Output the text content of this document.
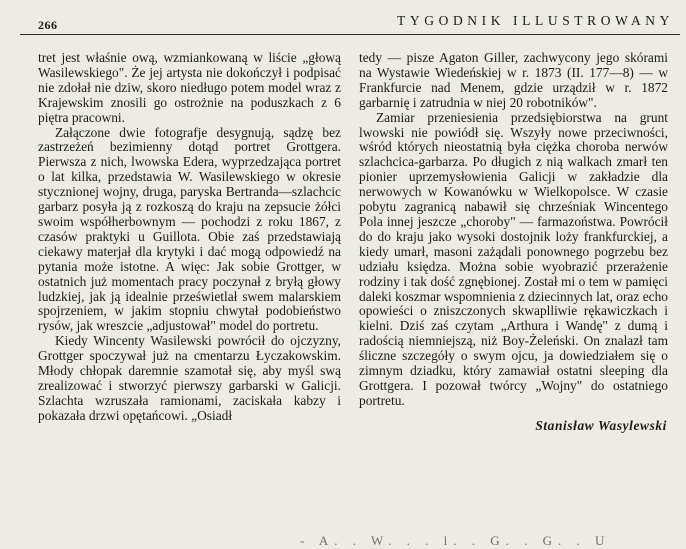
266	TYGODNIK ILLUSTROWANY

tret jest właśnie ową, wzmiankowaną w liście „głową Wasilewskiego". Że jej artysta nie dokończył i podpisać nie zdołał nie dziw, skoro niedługo potem model wraz z Krajewskim znosili go ostrożnie na poduszkach z 6 piętra pracowni.

Załączone dwie fotografje desygnują, sądzę bez zastrzeżeń bezimienny dotąd portret Grottgera. Pierwsza z nich, lwowska Edera, wyprzedzająca portret o lat kilka, przedstawia W. Wasilewskiego w okresie stycznionej wojny, druga, paryska Bertranda—szlachcic garbarz posyła ją z rozkoszą do kraju na zepsucie żółci swoim współherbownym — pochodzi z roku 1867, z czasów praktyki u Guillota. Obie zaś przedstawiają ciekawy materjał dla krytyki i dać mogą odpowiedź na pytania może istotne. A więc: Jak sobie Grottger, w ostatnich już momentach pracy poczynał z bryłą głowy ludzkiej, jak ją idealnie prześwietlał swem malarskiem spojrzeniem, w jakim stopniu chwytał podobieństwo rysów, jak wreszcie „adjustował" model do portretu.

Kiedy Wincenty Wasilewski powrócił do ojczyzny, Grottger spoczywał już na cmentarzu Łyczakowskim. Młody chłopak daremnie szamotał się, aby myśl swą zrealizować i stworzyć pierwszy garbarski w Galicji. Szlachta wzruszała ramionami, zaciskała kabzy i pokazała drzwi opętańcowi. „Osiadł

tedy — pisze Agaton Giller, zachwycony jego skórami na Wystawie Wiedeńskiej w r. 1873 (II. 177—8) — w Frankfurcie nad Menem, gdzie urządził w r. 1872 garbarnię i zatrudnia w niej 20 robotników".

Zamiar przeniesienia przedsiębiorstwa na grunt lwowski nie powiódł się. Wszyły nowe przeciwności, wśród których nieostatnią była ciężka choroba nerwów szlachcica-garbarza. Po długich z nią walkach zmarł ten pionier uprzemysłowienia Galicji w zakładzie dla nerwowych w Kowanówku w Wielkopolsce. W czasie pobytu zagranicą nabawił się chrześniak Wincentego Pola innej jeszcze „choroby" — farmazoństwa. Powrócił do do kraju jako wysoki dostojnik loży frankfurckiej, a kiedy umarł, masoni zażądali ponownego pogrzebu bez udziału księdza. Można sobie wyobrazić przerażenie rodziny i tak dość zgnębionej. Został mi o tem w pamięci daleki koszmar wspomnienia z dziecinnych lat, oraz echo opowieści o zniszczonych skwaplliwie rękawiczkach i kielni. Dziś zaś czytam „Arthura i Wandę" z dumą i radością niemniejszą, niż Boy-Żeleński. On znalazł tam śliczne szczegóły o swym ojcu, ja dowiedziałem się o zimnym dziadku, który zamawiał ostatni sleeping dla Grottgera. I pozował twórcy „Wojny" do ostatniego portretu.

Stanisław Wasylewski
- A. . W. . . l. . G. . G. . U
